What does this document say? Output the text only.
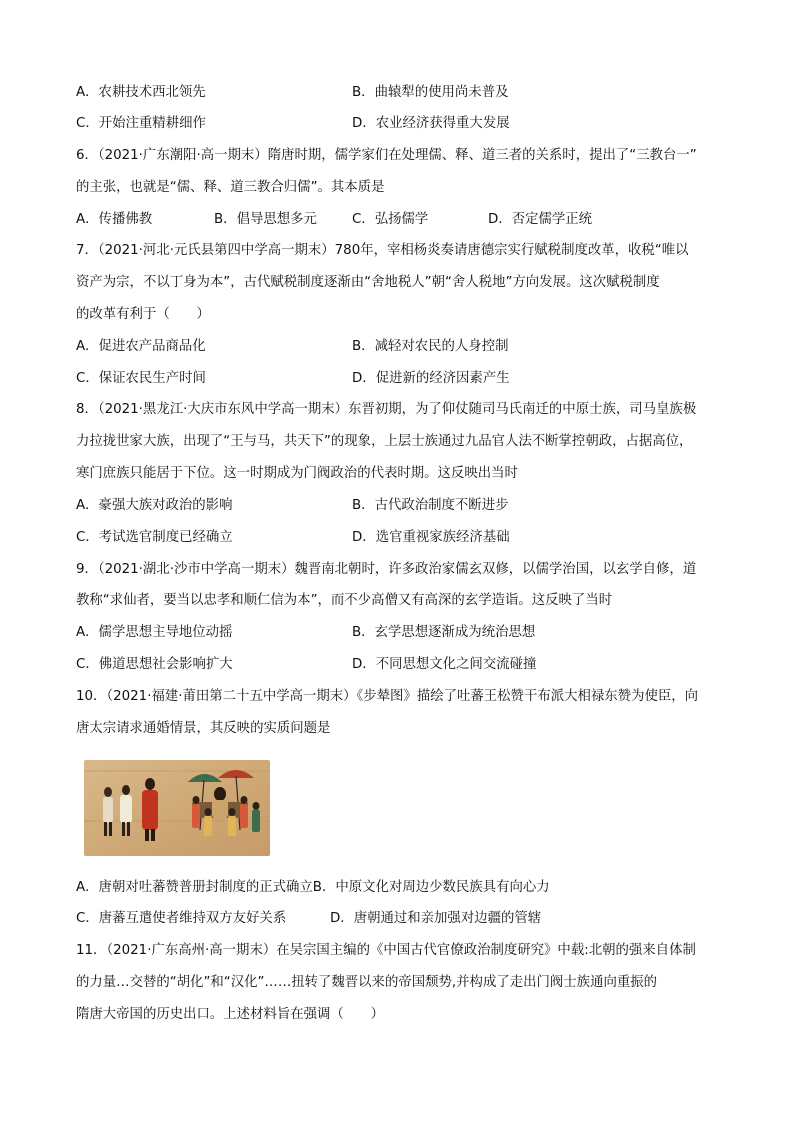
A．农耕技术西北领先	B．曲辕犁的使用尚未普及
C．开始注重精耕细作	D．农业经济获得重大发展
6．（2021·广东潮阳·高一期末）隋唐时期，儒学家们在处理儒、释、道三者的关系时，提出了“三教台一”
的主张，也就是“儒、释、道三教合归儒”。其本质是
A．传播佛教	B．倡导思想多元	C．弘扬儒学	D．否定儒学正统
7．（2021·河北·元氏县第四中学高一期末）780年，宰相杨炎奏请唐德宗实行赋税制度改革，收税“唯以
资产为宗，不以丁身为本”，古代赋税制度逐渐由“舍地税人”朝“舍人税地”方向发展。这次赋税制度
的改革有利于（　　）
A．促进农产品商品化	B．减轻对农民的人身控制
C．保证农民生产时间	D．促进新的经济因素产生
8．（2021·黑龙江·大庆市东风中学高一期末）东晋初期，为了仰仗随司马氏南迁的中原士族，司马皇族极
力拉拢世家大族，出现了“王与马，共天下”的现象，上层士族通过九品官人法不断掌控朝政，占据高位，
寒门庶族只能居于下位。这一时期成为门阀政治的代表时期。这反映出当时
A．豪强大族对政治的影响	B．古代政治制度不断进步
C．考试选官制度已经确立	D．选官重视家族经济基础
9．（2021·湖北·沙市中学高一期末）魏晋南北朝时，许多政治家儒玄双修，以儒学治国，以玄学自修，道
教称“求仙者，要当以忠孝和顺仁信为本”，而不少高僧又有高深的玄学造诣。这反映了当时
A．儒学思想主导地位动摇	B．玄学思想逐渐成为统治思想
C．佛道思想社会影响扩大	D．不同思想文化之间交流碰撞
10．（2021·福建·莆田第二十五中学高一期末）《步辇图》描绘了吐蕃王松赞干布派大相禄东赞为使臣，向
唐太宗请求通婚情景，其反映的实质问题是
A．唐朝对吐蕃赞普册封制度的正式确立B．中原文化对周边少数民族具有向心力
C．唐蕃互遣使者维持双方友好关系	D．唐朝通过和亲加强对边疆的管辖
11．（2021·广东高州·高一期末）在吴宗国主编的《中国古代官僚政治制度研究》中载:北朝的强来自体制
的力量…交替的“胡化”和“汉化”……扭转了魏晋以来的帝国颓势,并构成了走出门阀士族通向重振的
隋唐大帝国的历史出口。上述材料旨在强调（　　）
